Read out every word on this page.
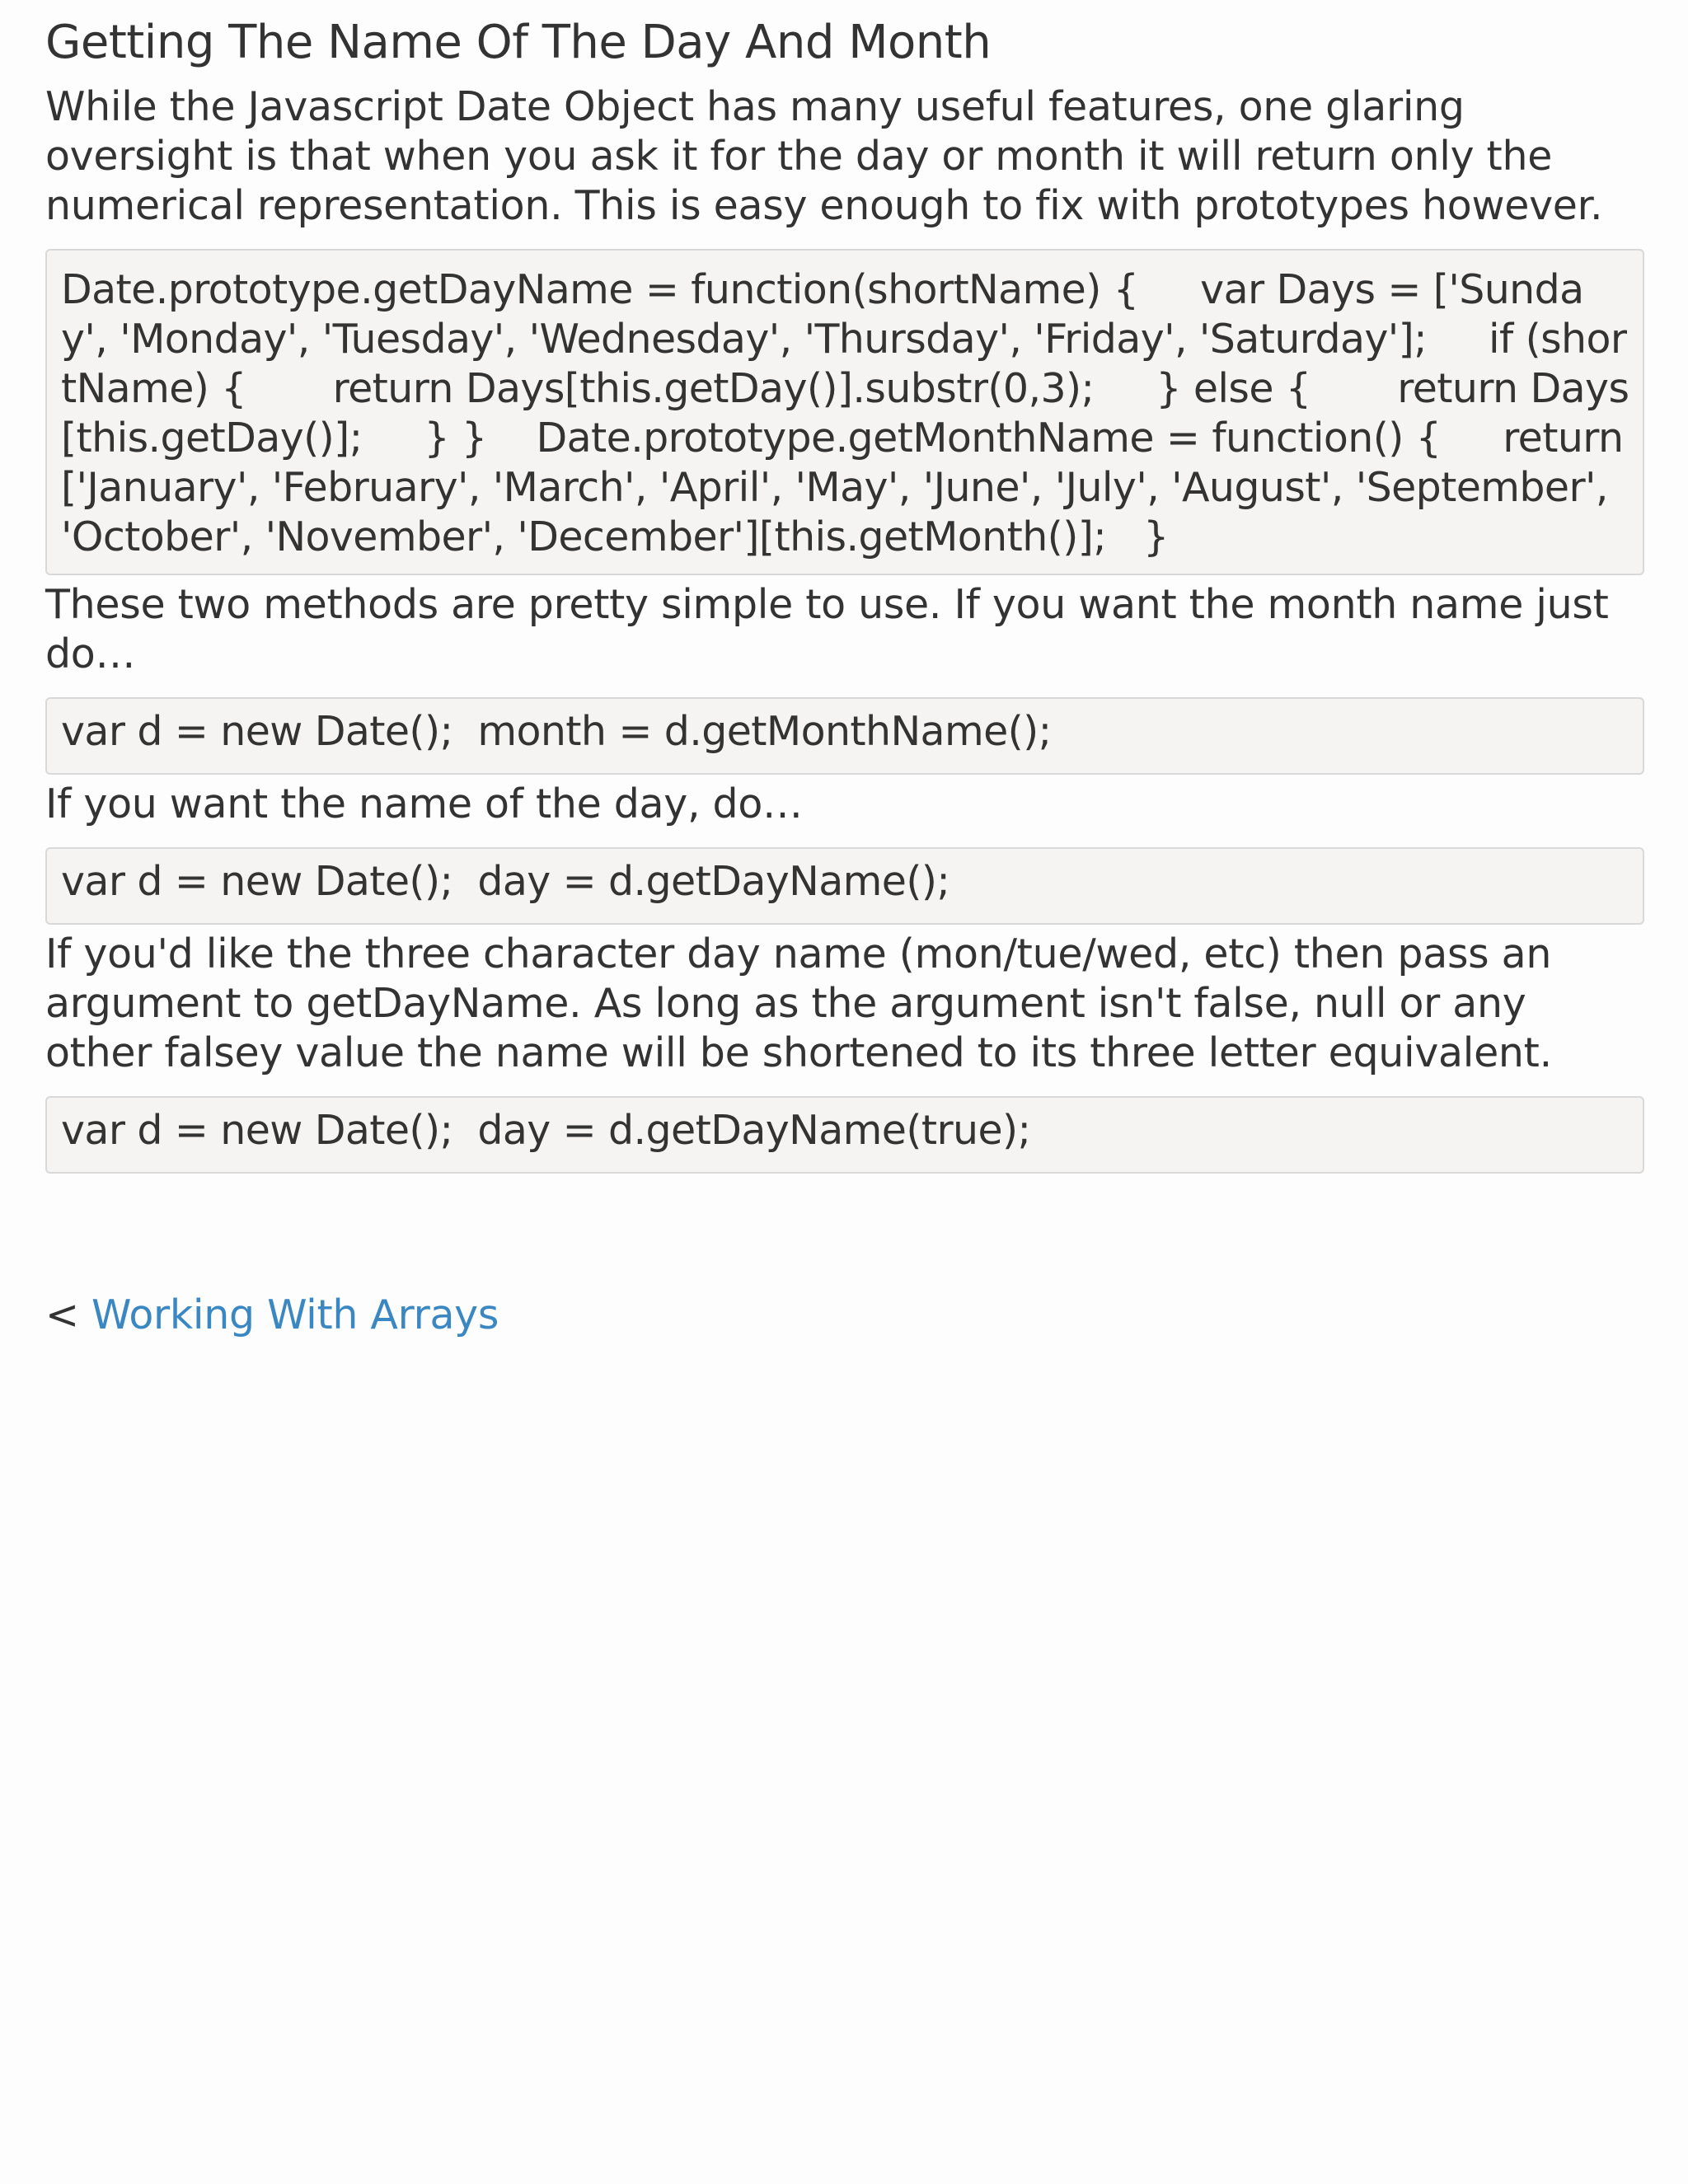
Getting The Name Of The Day And Month

While the Javascript Date Object has many useful features, one glaring oversight is that when you ask it for the day or month it will return only the numerical representation. This is easy enough to fix with prototypes however.

Date.prototype.getDayName = function(shortName) {     var Days = ['Sunday', 'Monday', 'Tuesday', 'Wednesday', 'Thursday', 'Friday', 'Saturday'];     if (shortName) {       return Days[this.getDay()].substr(0,3);     } else {       return Days[this.getDay()];     } }    Date.prototype.getMonthName = function() {     return ['January', 'February', 'March', 'April', 'May', 'June', 'July', 'August', 'September', 'October', 'November', 'December'][this.getMonth()];   }

These two methods are pretty simple to use. If you want the month name just do…

var d = new Date();  month = d.getMonthName();

If you want the name of the day, do…

var d = new Date();  day = d.getDayName();

If you'd like the three character day name (mon/tue/wed, etc) then pass an argument to getDayName. As long as the argument isn't false, null or any other falsey value the name will be shortened to its three letter equivalent.

var d = new Date();  day = d.getDayName(true);
< Working With Arrays
